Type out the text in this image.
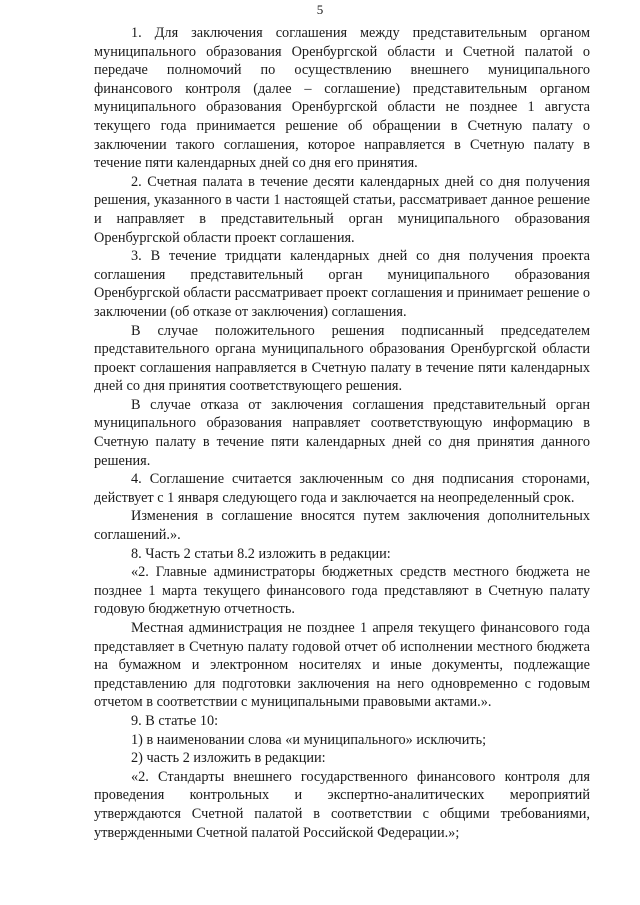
5

1. Для заключения соглашения между представительным органом муниципального образования Оренбургской области и Счетной палатой о передаче полномочий по осуществлению внешнего муниципального финансового контроля (далее – соглашение) представительным органом муниципального образования Оренбургской области не позднее 1 августа текущего года принимается решение об обращении в Счетную палату о заключении такого соглашения, которое направляется в Счетную палату в течение пяти календарных дней со дня его принятия.

2. Счетная палата в течение десяти календарных дней со дня получения решения, указанного в части 1 настоящей статьи, рассматривает данное решение и направляет в представительный орган муниципального образования Оренбургской области проект соглашения.

3. В течение тридцати календарных дней со дня получения проекта соглашения представительный орган муниципального образования Оренбургской области рассматривает проект соглашения и принимает решение о заключении (об отказе от заключения) соглашения.

В случае положительного решения подписанный председателем представительного органа муниципального образования Оренбургской области проект соглашения направляется в Счетную палату в течение пяти календарных дней со дня принятия соответствующего решения.

В случае отказа от заключения соглашения представительный орган муниципального образования направляет соответствующую информацию в Счетную палату в течение пяти календарных дней со дня принятия данного решения.

4. Соглашение считается заключенным со дня подписания сторонами, действует с 1 января следующего года и заключается на неопределенный срок.

Изменения в соглашение вносятся путем заключения дополнительных соглашений.».

8. Часть 2 статьи 8.2 изложить в редакции:

«2. Главные администраторы бюджетных средств местного бюджета не позднее 1 марта текущего финансового года представляют в Счетную палату годовую бюджетную отчетность.

Местная администрация не позднее 1 апреля текущего финансового года представляет в Счетную палату годовой отчет об исполнении местного бюджета на бумажном и электронном носителях и иные документы, подлежащие представлению для подготовки заключения на него одновременно с годовым отчетом в соответствии с муниципальными правовыми актами.».

9. В статье 10:

1) в наименовании слова «и муниципального» исключить;

2) часть 2 изложить в редакции:

«2. Стандарты внешнего государственного финансового контроля для проведения контрольных и экспертно-аналитических мероприятий утверждаются Счетной палатой в соответствии с общими требованиями, утвержденными Счетной палатой Российской Федерации.»;
